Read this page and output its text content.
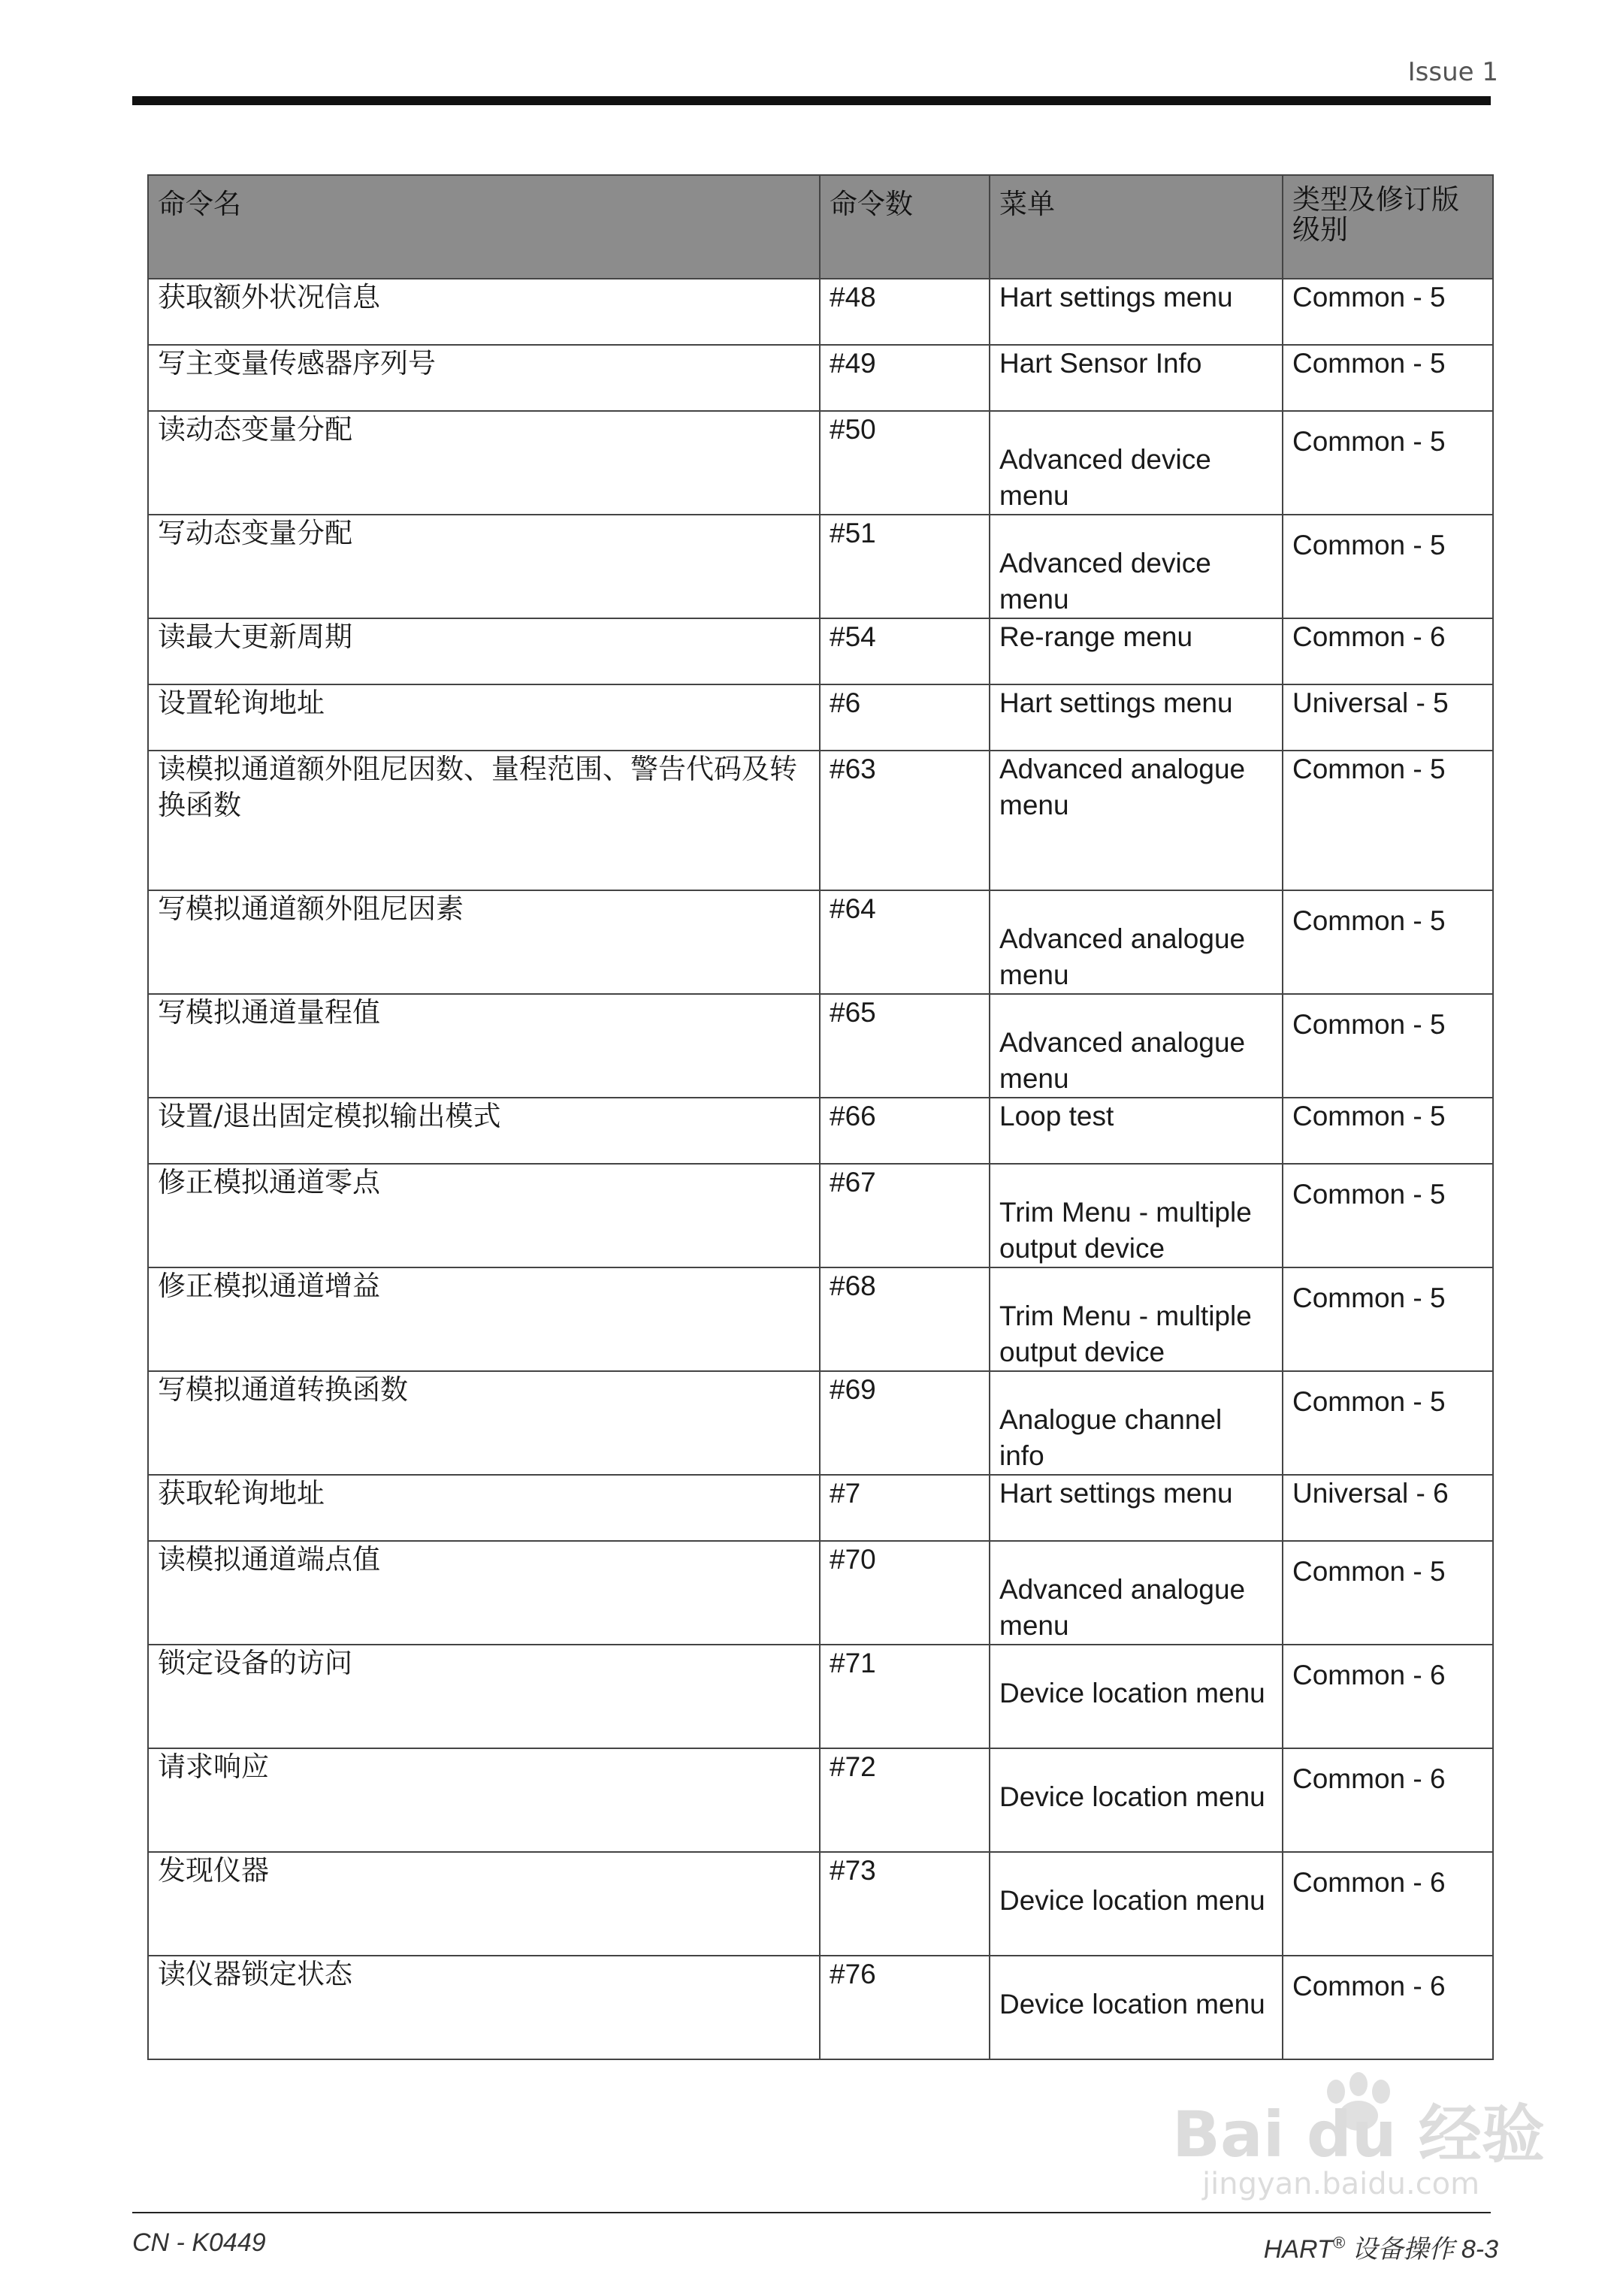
Issue 1
命令名	命令数	菜单	类型及修订版级别
获取额外状况信息	#48	Hart settings menu	Common - 5
写主变量传感器序列号	#49	Hart Sensor Info	Common - 5
读动态变量分配	#50	Advanced device menu	Common - 5
写动态变量分配	#51	Advanced device menu	Common - 5
读最大更新周期	#54	Re-range menu	Common - 6
设置轮询地址	#6	Hart settings menu	Universal - 5
读模拟通道额外阻尼因数、量程范围、警告代码及转换函数	#63	Advanced analogue menu	Common - 5
写模拟通道额外阻尼因素	#64	Advanced analogue menu	Common - 5
写模拟通道量程值	#65	Advanced analogue menu	Common - 5
设置/退出固定模拟输出模式	#66	Loop test	Common - 5
修正模拟通道零点	#67	Trim Menu - multiple output device	Common - 5
修正模拟通道增益	#68	Trim Menu - multiple output device	Common - 5
写模拟通道转换函数	#69	Analogue channel info	Common - 5
获取轮询地址	#7	Hart settings menu	Universal - 6
读模拟通道端点值	#70	Advanced analogue menu	Common - 5
锁定设备的访问	#71	Device location menu	Common - 6
请求响应	#72	Device location menu	Common - 6
发现仪器	#73	Device location menu	Common - 6
读仪器锁定状态	#76	Device location menu	Common - 6
CN - K0449	HART® 设备操作 8-3
Bai du 经验
jingyan.baidu.com
